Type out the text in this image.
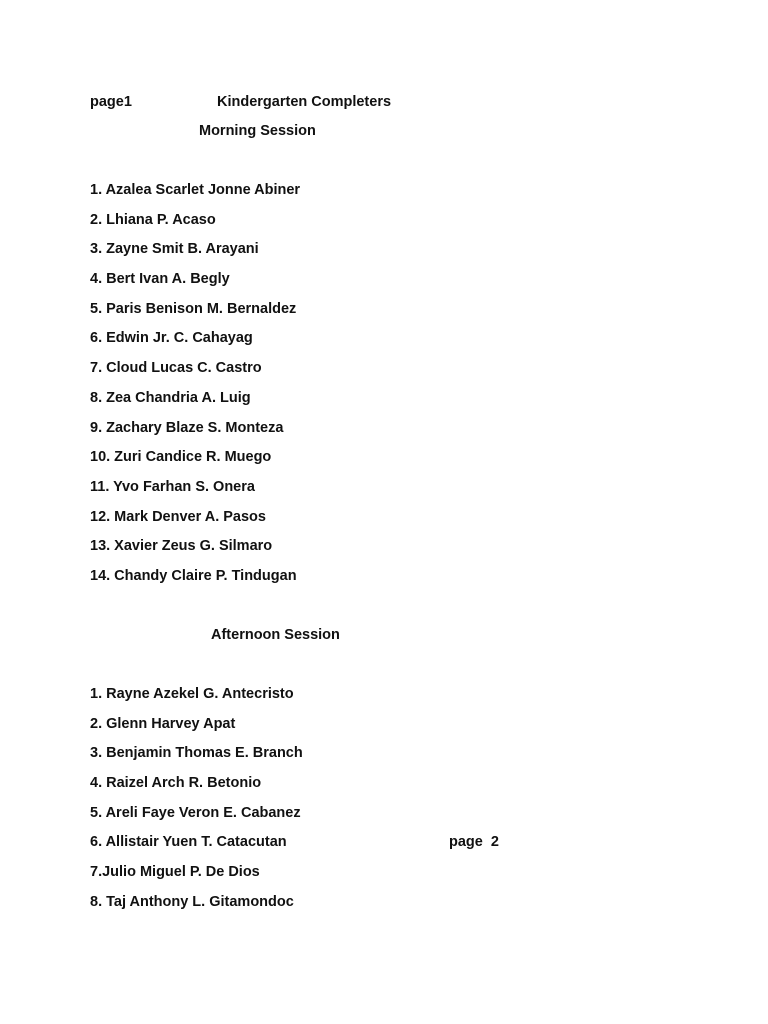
page1	Kindergarten Completers
Morning Session
1. Azalea Scarlet Jonne Abiner
2. Lhiana P. Acaso
3. Zayne Smit B. Arayani
4. Bert Ivan A. Begly
5. Paris Benison M. Bernaldez
6. Edwin Jr. C. Cahayag
7. Cloud Lucas C. Castro
8. Zea Chandria A. Luig
9. Zachary Blaze S. Monteza
10. Zuri Candice R. Muego
11. Yvo Farhan S. Onera
12. Mark Denver A. Pasos
13. Xavier Zeus G. Silmaro
14. Chandy Claire P. Tindugan
Afternoon Session
1. Rayne Azekel G. Antecristo
2. Glenn Harvey Apat
3. Benjamin Thomas E. Branch
4. Raizel Arch R. Betonio
5. Areli Faye Veron E. Cabanez
6. Allistair Yuen T. Catacutan
7.Julio Miguel P. De Dios
8. Taj Anthony L. Gitamondoc
page  2
